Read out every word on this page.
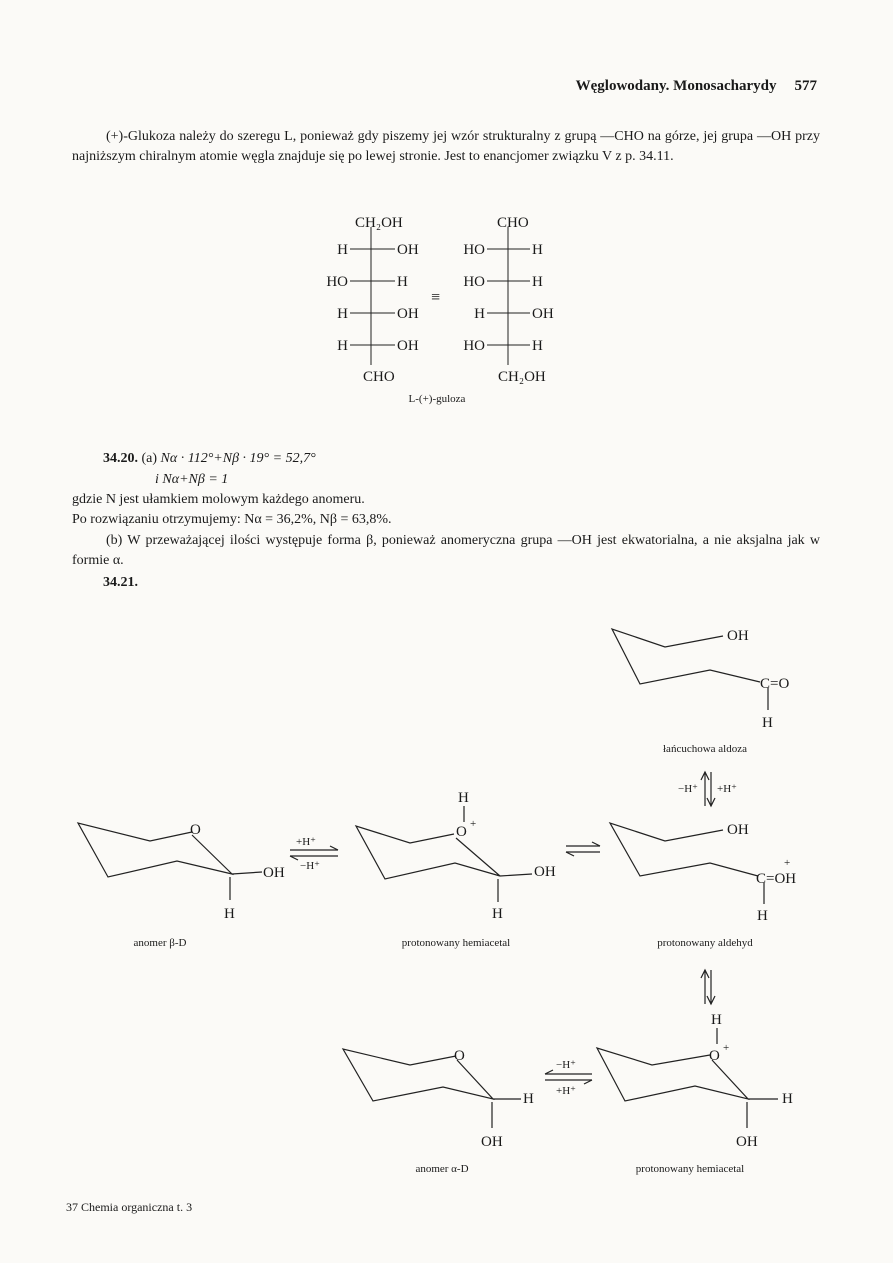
Węglowodany. Monosacharydy 577
(+)-Glukoza należy do szeregu L, ponieważ gdy piszemy jej wzór strukturalny z grupą —CHO na górze, jej grupa —OH przy najniższym chiralnym atomie węgla znajduje się po lewej stronie. Jest to enancjomer związku V z p. 34.11.
CH₂OH
H	OH
HO	H
H	OH
H	OH
CHO
≡
CHO
HO	H
HO	H
H	OH
HO	H
CH₂OH
L-(+)-guloza
34.20. (a) Nα · 112°+Nβ · 19° = 52,7°
i Nα+Nβ = 1
gdzie N jest ułamkiem molowym każdego anomeru.
Po rozwiązaniu otrzymujemy: Nα = 36,2%, Nβ = 63,8%.
(b) W przeważającej ilości występuje forma β, ponieważ anomeryczna grupa —OH jest ekwatorialna, a nie aksjalna jak w formie α.
34.21.
OH
C=O
H
łańcuchowa aldoza
O
OH
H
anomer β-D
+H⁺
−H⁺
H
O +
OH
H
protonowany hemiacetal
OH
+
C=OH
H
protonowany aldehyd
−H⁺ +H⁺
O
H
OH
anomer α-D
−H⁺
+H⁺
H
O +
H
OH
protonowany hemiacetal
37 Chemia organiczna t. 3
